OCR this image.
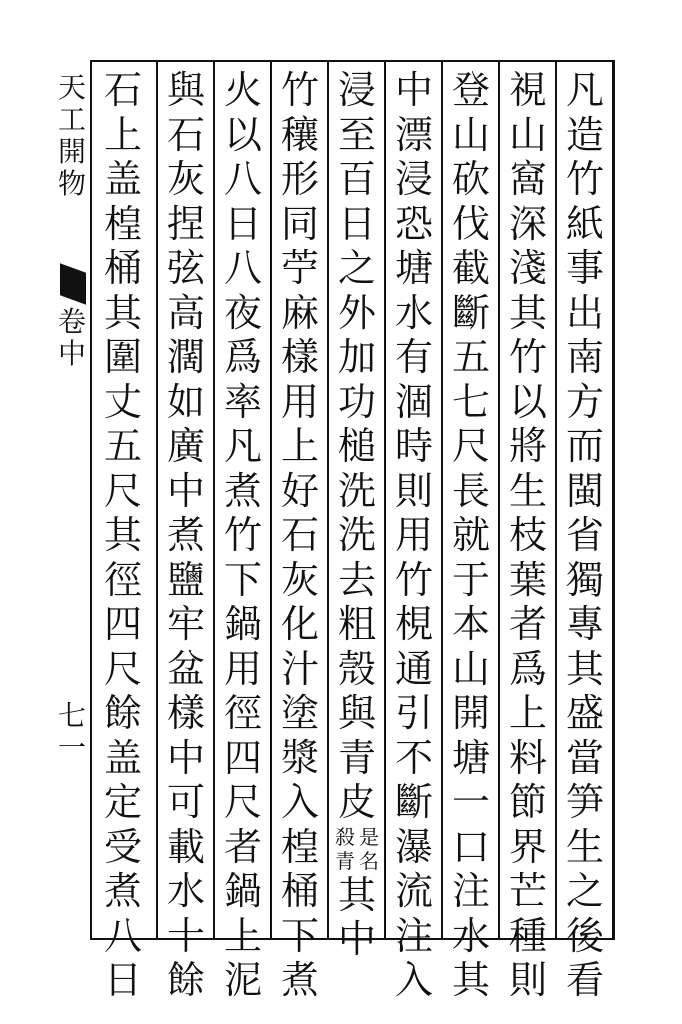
凡
造
竹
紙
事
出
南
方
而
閩
省
獨
專
其
盛
當
笋
生
之
後
看
視
山
窩
深
淺
其
竹
以
將
生
枝
葉
者
爲
上
料
節
界
芒
種
則
登
山
砍
伐
截
斷
五
七
尺
長
就
于
本
山
開
塘
一
口
注
水
其
中
漂
浸
恐
塘
水
有
涸
時
則
用
竹
梘
通
引
不
斷
瀑
流
注
入
浸
至
百
日
之
外
加
功
槌
洗
洗
去
粗
殼
與
青
皮
殺
青
是
名
其
中
竹
穰
形
同
苧
麻
樣
用
上
好
石
灰
化
汁
塗
漿
入
楻
桶
下
煮
火
以
八
日
八
夜
爲
率
凡
煮
竹
下
鍋
用
徑
四
尺
者
鍋
上
泥
與
石
灰
捏
弦
高
濶
如
廣
中
煮
鹽
牢
盆
樣
中
可
載
水
十
餘
石
上
盖
楻
桶
其
圍
丈
五
尺
其
徑
四
尺
餘
盖
定
受
煮
八
日
天
工
開
物
卷
中
七
一
